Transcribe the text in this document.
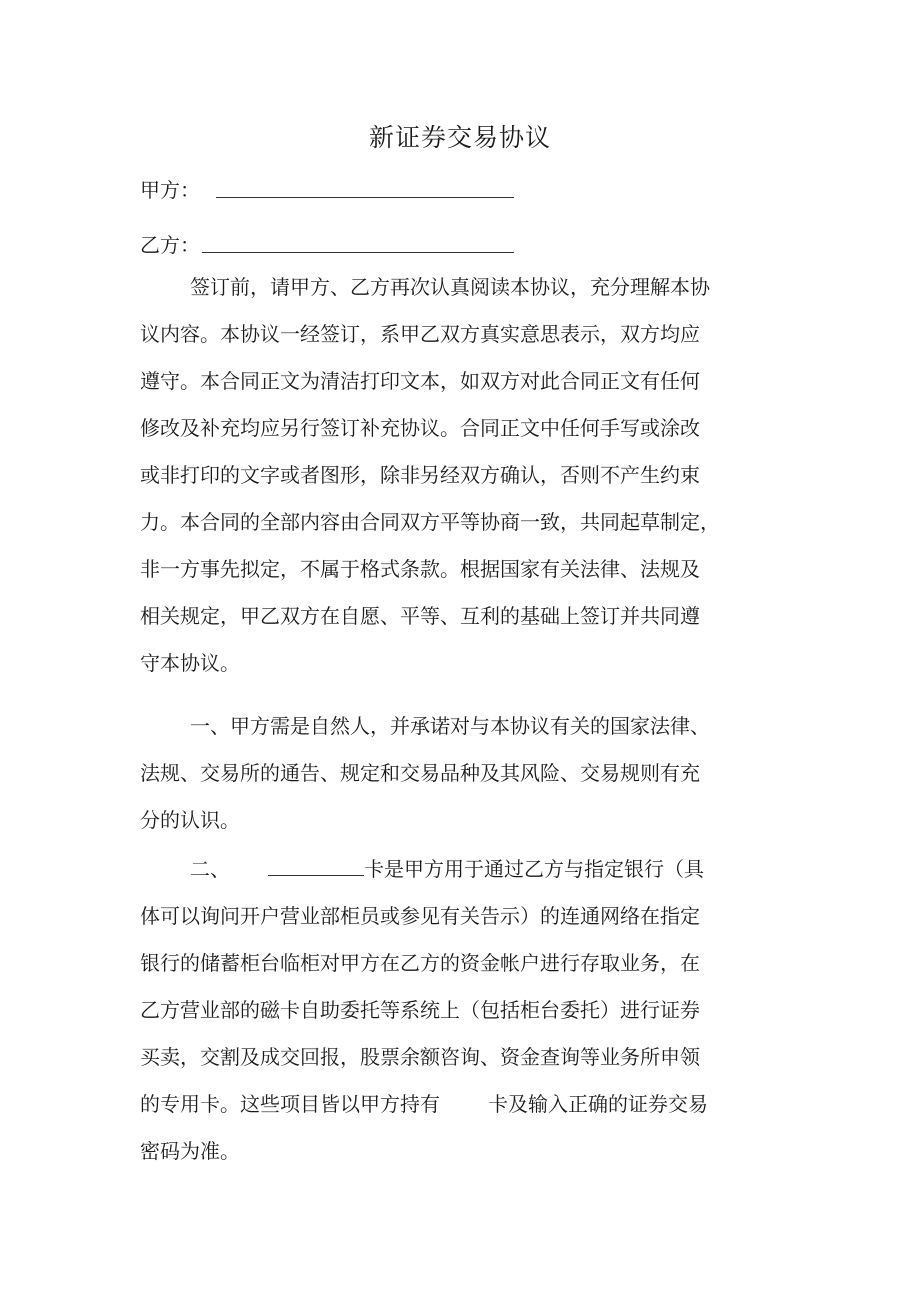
新证券交易协议
甲方：
乙方：
签订前，请甲方、乙方再次认真阅读本协议，充分理解本协
议内容。本协议一经签订，系甲乙双方真实意思表示，双方均应
遵守。本合同正文为清洁打印文本，如双方对此合同正文有任何
修改及补充均应另行签订补充协议。合同正文中任何手写或涂改
或非打印的文字或者图形，除非另经双方确认，否则不产生约束
力。本合同的全部内容由合同双方平等协商一致，共同起草制定，
非一方事先拟定，不属于格式条款。根据国家有关法律、法规及
相关规定，甲乙双方在自愿、平等、互利的基础上签订并共同遵
守本协议。
一、甲方需是自然人，并承诺对与本协议有关的国家法律、
法规、交易所的通告、规定和交易品种及其风险、交易规则有充
分的认识。
二、	卡是甲方用于通过乙方与指定银行（具
体可以询问开户营业部柜员或参见有关告示）的连通网络在指定
银行的储蓄柜台临柜对甲方在乙方的资金帐户进行存取业务，在
乙方营业部的磁卡自助委托等系统上（包括柜台委托）进行证券
买卖，交割及成交回报，股票余额咨询、资金查询等业务所申领
的专用卡。这些项目皆以甲方持有 卡及输入正确的证券交易
密码为准。
